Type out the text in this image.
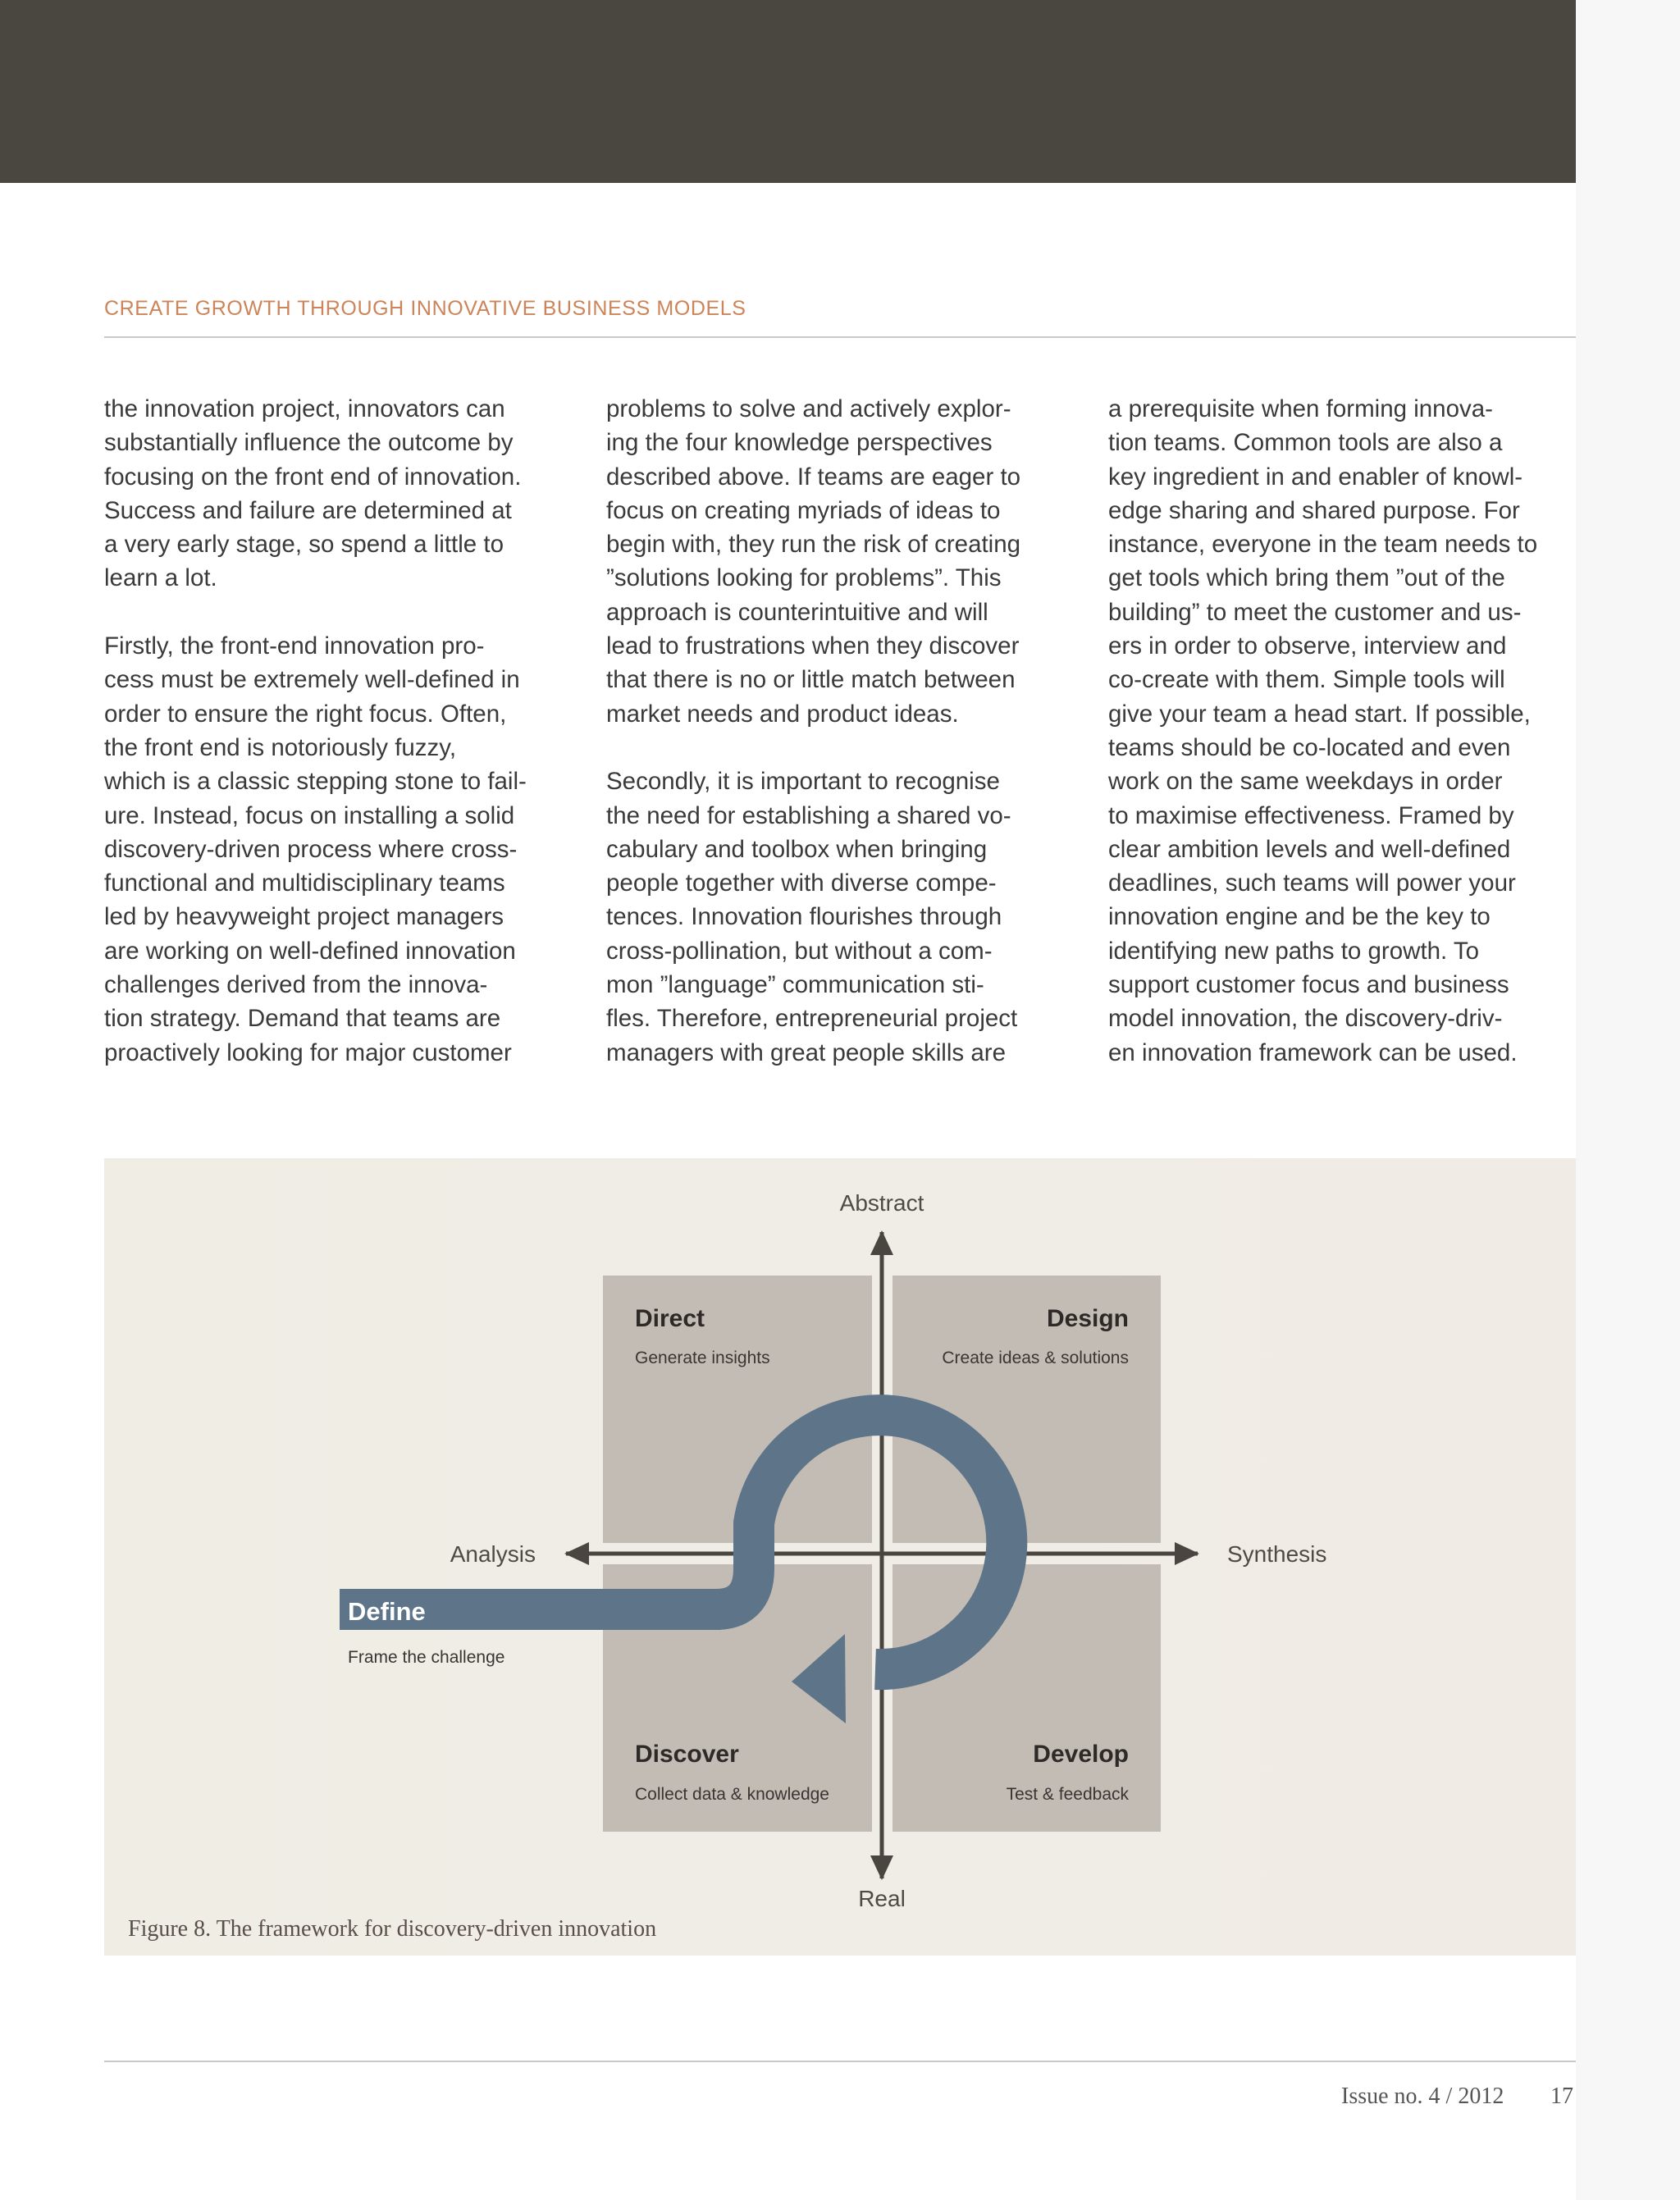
CREATE GROWTH THROUGH INNOVATIVE BUSINESS MODELS

the innovation project, innovators can
substantially influence the outcome by
focusing on the front end of innovation.
Success and failure are determined at
a very early stage, so spend a little to
learn a lot.

Firstly, the front-end innovation pro-
cess must be extremely well-defined in
order to ensure the right focus. Often,
the front end is notoriously fuzzy,
which is a classic stepping stone to fail-
ure. Instead, focus on installing a solid
discovery-driven process where cross-
functional and multidisciplinary teams
led by heavyweight project managers
are working on well-defined innovation
challenges derived from the innova-
tion strategy. Demand that teams are
proactively looking for major customer

problems to solve and actively explor-
ing the four knowledge perspectives
described above. If teams are eager to
focus on creating myriads of ideas to
begin with, they run the risk of creating
”solutions looking for problems”. This
approach is counterintuitive and will
lead to frustrations when they discover
that there is no or little match between
market needs and product ideas.

Secondly, it is important to recognise
the need for establishing a shared vo-
cabulary and toolbox when bringing
people together with diverse compe-
tences. Innovation flourishes through
cross-pollination, but without a com-
mon ”language” communication sti-
fles. Therefore, entrepreneurial project
managers with great people skills are

a prerequisite when forming innova-
tion teams. Common tools are also a
key ingredient in and enabler of knowl-
edge sharing and shared purpose. For
instance, everyone in the team needs to
get tools which bring them ”out of the
building” to meet the customer and us-
ers in order to observe, interview and
co-create with them. Simple tools will
give your team a head start. If possible,
teams should be co-located and even
work on the same weekdays in order
to maximise effectiveness. Framed by
clear ambition levels and well-defined
deadlines, such teams will power your
innovation engine and be the key to
identifying new paths to growth. To
support customer focus and business
model innovation, the discovery-driv-
en innovation framework can be used.

Abstract
Real
Analysis	Synthesis
Direct
Generate insights
Design
Create ideas & solutions
Discover
Collect data & knowledge
Develop
Test & feedback
Define
Frame the challenge
Figure 8. The framework for discovery-driven innovation
Issue no. 4 / 2012 17
